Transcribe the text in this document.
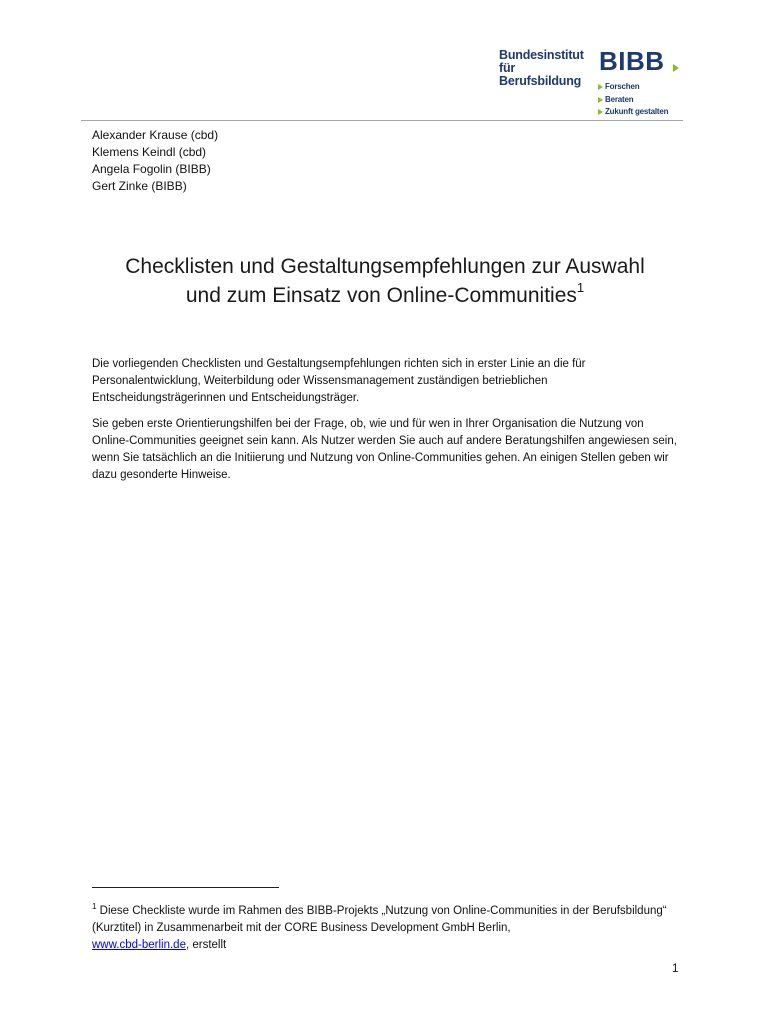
Bundesinstitut
für Berufsbildung
BIBB
Forschen
Beraten
Zukunft gestalten
Alexander Krause (cbd)
Klemens Keindl (cbd)
Angela Fogolin (BIBB)
Gert Zinke (BIBB)
Checklisten und Gestaltungsempfehlungen zur Auswahl
und zum Einsatz von Online-Communities$^1$

Die vorliegenden Checklisten und Gestaltungsempfehlungen richten sich in erster Linie an die für Personalentwicklung, Weiterbildung oder Wissensmanagement zuständigen betrieblichen Entscheidungsträgerinnen und Entscheidungsträger.

Sie geben erste Orientierungshilfen bei der Frage, ob, wie und für wen in Ihrer Organisation die Nutzung von Online-Communities geeignet sein kann. Als Nutzer werden Sie auch auf andere Beratungshilfen angewiesen sein, wenn Sie tatsächlich an die Initiierung und Nutzung von Online-Communities gehen. An einigen Stellen geben wir dazu gesonderte Hinweise.

$^1$ Diese Checkliste wurde im Rahmen des BIBB-Projekts „Nutzung von Online-Communities in der Berufsbildung“ (Kurztitel) in Zusammenarbeit mit der CORE Business Development GmbH Berlin,
www.cbd-berlin.de, erstellt
1
